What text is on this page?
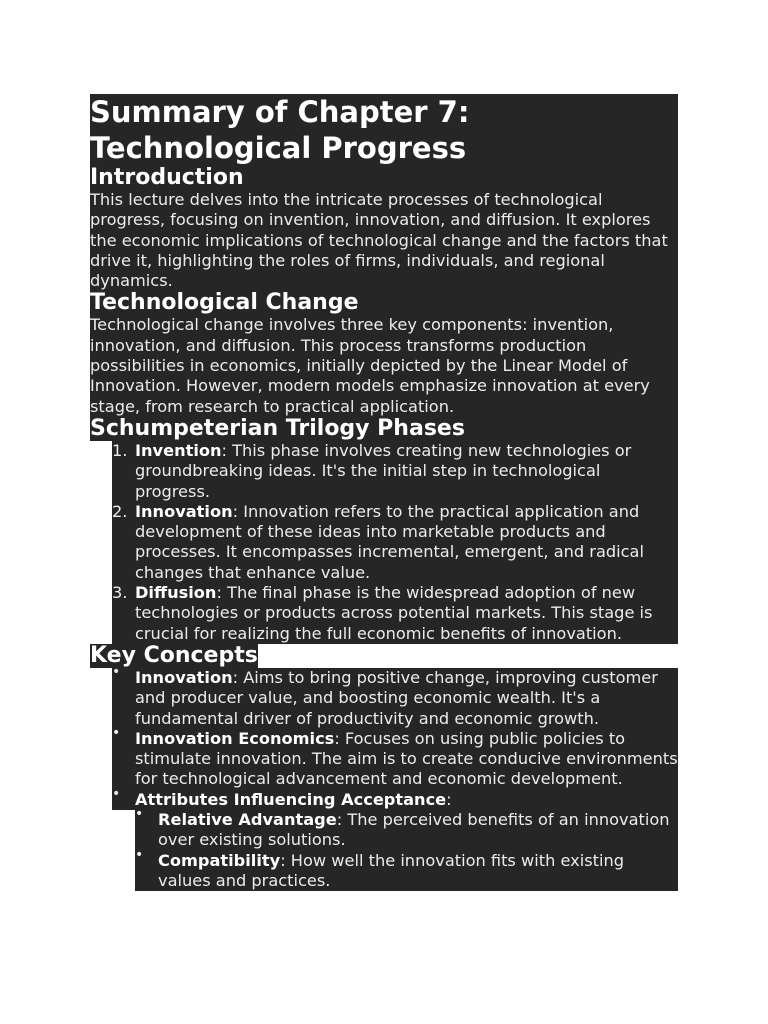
Summary of Chapter 7:
Technological Progress
Introduction

This lecture delves into the intricate processes of technological progress, focusing on invention, innovation, and diffusion. It explores the economic implications of technological change and the factors that drive it, highlighting the roles of firms, individuals, and regional dynamics.

Technological Change

Technological change involves three key components: invention, innovation, and diffusion. This process transforms production possibilities in economics, initially depicted by the Linear Model of Innovation. However, modern models emphasize innovation at every stage, from research to practical application.

Schumpeterian Trilogy Phases
1. Invention: This phase involves creating new technologies or groundbreaking ideas. It's the initial step in technological progress.
2. Innovation: Innovation refers to the practical application and development of these ideas into marketable products and processes. It encompasses incremental, emergent, and radical changes that enhance value.
3. Diffusion: The final phase is the widespread adoption of new technologies or products across potential markets. This stage is crucial for realizing the full economic benefits of innovation.
Key Concepts
• Innovation: Aims to bring positive change, improving customer and producer value, and boosting economic wealth. It's a fundamental driver of productivity and economic growth.
• Innovation Economics: Focuses on using public policies to stimulate innovation. The aim is to create conducive environments for technological advancement and economic development.
• Attributes Influencing Acceptance:
• Relative Advantage: The perceived benefits of an innovation over existing solutions.
• Compatibility: How well the innovation fits with existing values and practices.
